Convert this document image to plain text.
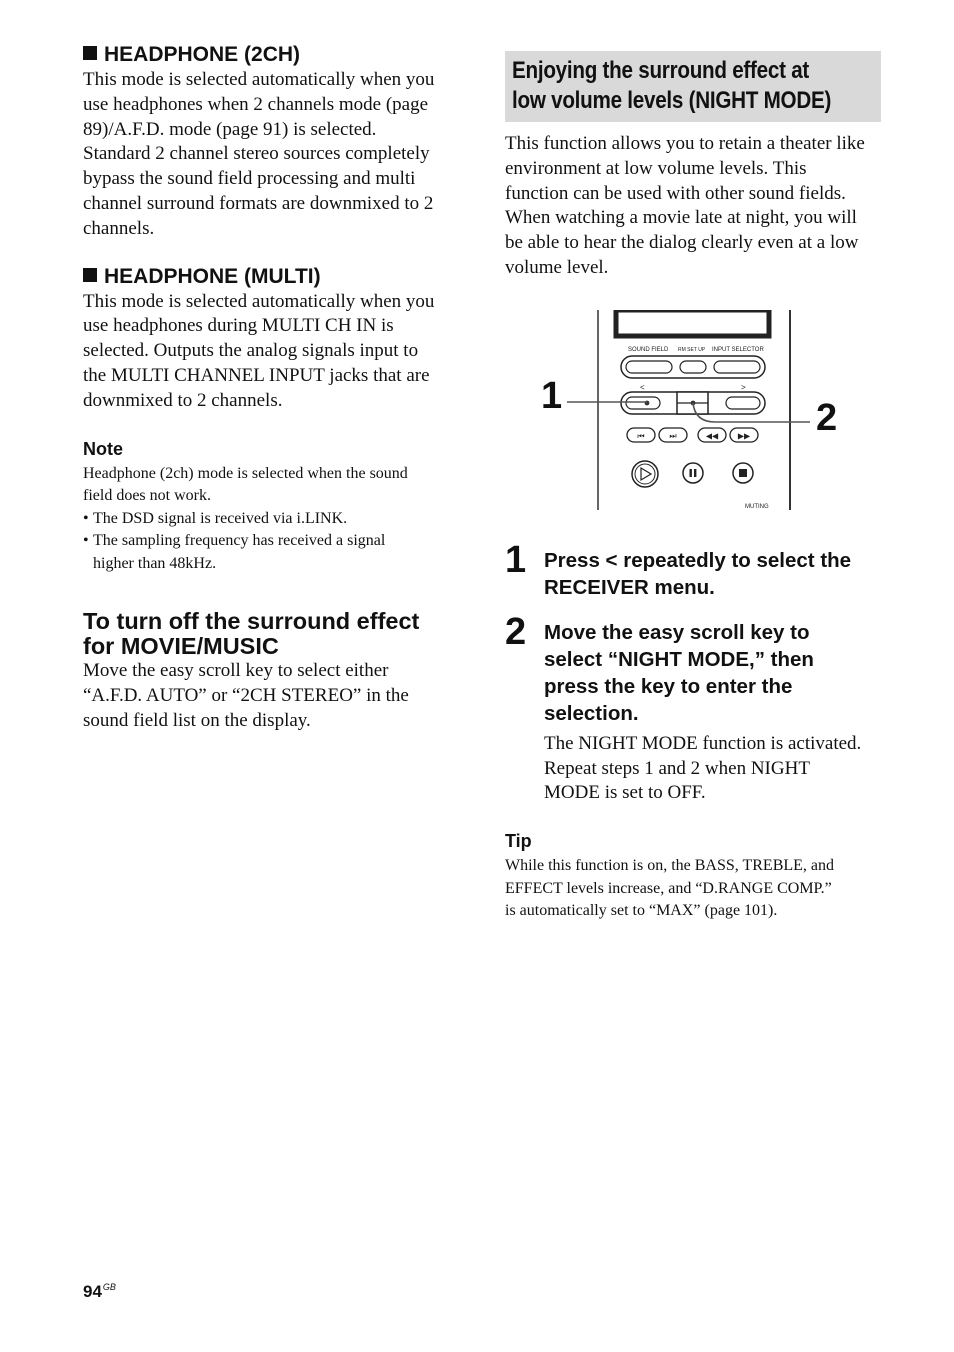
HEADPHONE (2CH)

This mode is selected automatically when you

use headphones when 2 channels mode (page

89)/A.F.D. mode (page 91) is selected.

Standard 2 channel stereo sources completely

bypass the sound field processing and multi

channel surround formats are downmixed to 2

channels.

HEADPHONE (MULTI)

This mode is selected automatically when you

use headphones during MULTI CH IN is

selected. Outputs the analog signals input to

the MULTI CHANNEL INPUT jacks that are

downmixed to 2 channels.

Note

Headphone (2ch) mode is selected when the sound

field does not work.

• The DSD signal is received via i.LINK.
• The sampling frequency has received a signal
higher than 48kHz.

To turn off the surround effect

for MOVIE/MUSIC

Move the easy scroll key to select either

“A.F.D. AUTO” or “2CH STEREO” in the

sound field list on the display.

Enjoying the surround effect at
low volume levels (NIGHT MODE)

This function allows you to retain a theater like

environment at low volume levels. This

function can be used with other sound fields.

When watching a movie late at night, you will

be able to hear the dialog clearly even at a low

volume level.

SOUND FIELD RM SET UP INPUT SELECTOR
<	>
⏮	⏭	◀◀ ▶▶
MUTING
1
2
1 Press < repeatedly to select the

RECEIVER menu.

2 Move the easy scroll key to

select “NIGHT MODE,” then

press the key to enter the

selection.

The NIGHT MODE function is activated.

Repeat steps 1 and 2 when NIGHT

MODE is set to OFF.

Tip

While this function is on, the BASS, TREBLE, and

EFFECT levels increase, and “D.RANGE COMP.”

is automatically set to “MAX” (page 101).

$94^{GB}$
